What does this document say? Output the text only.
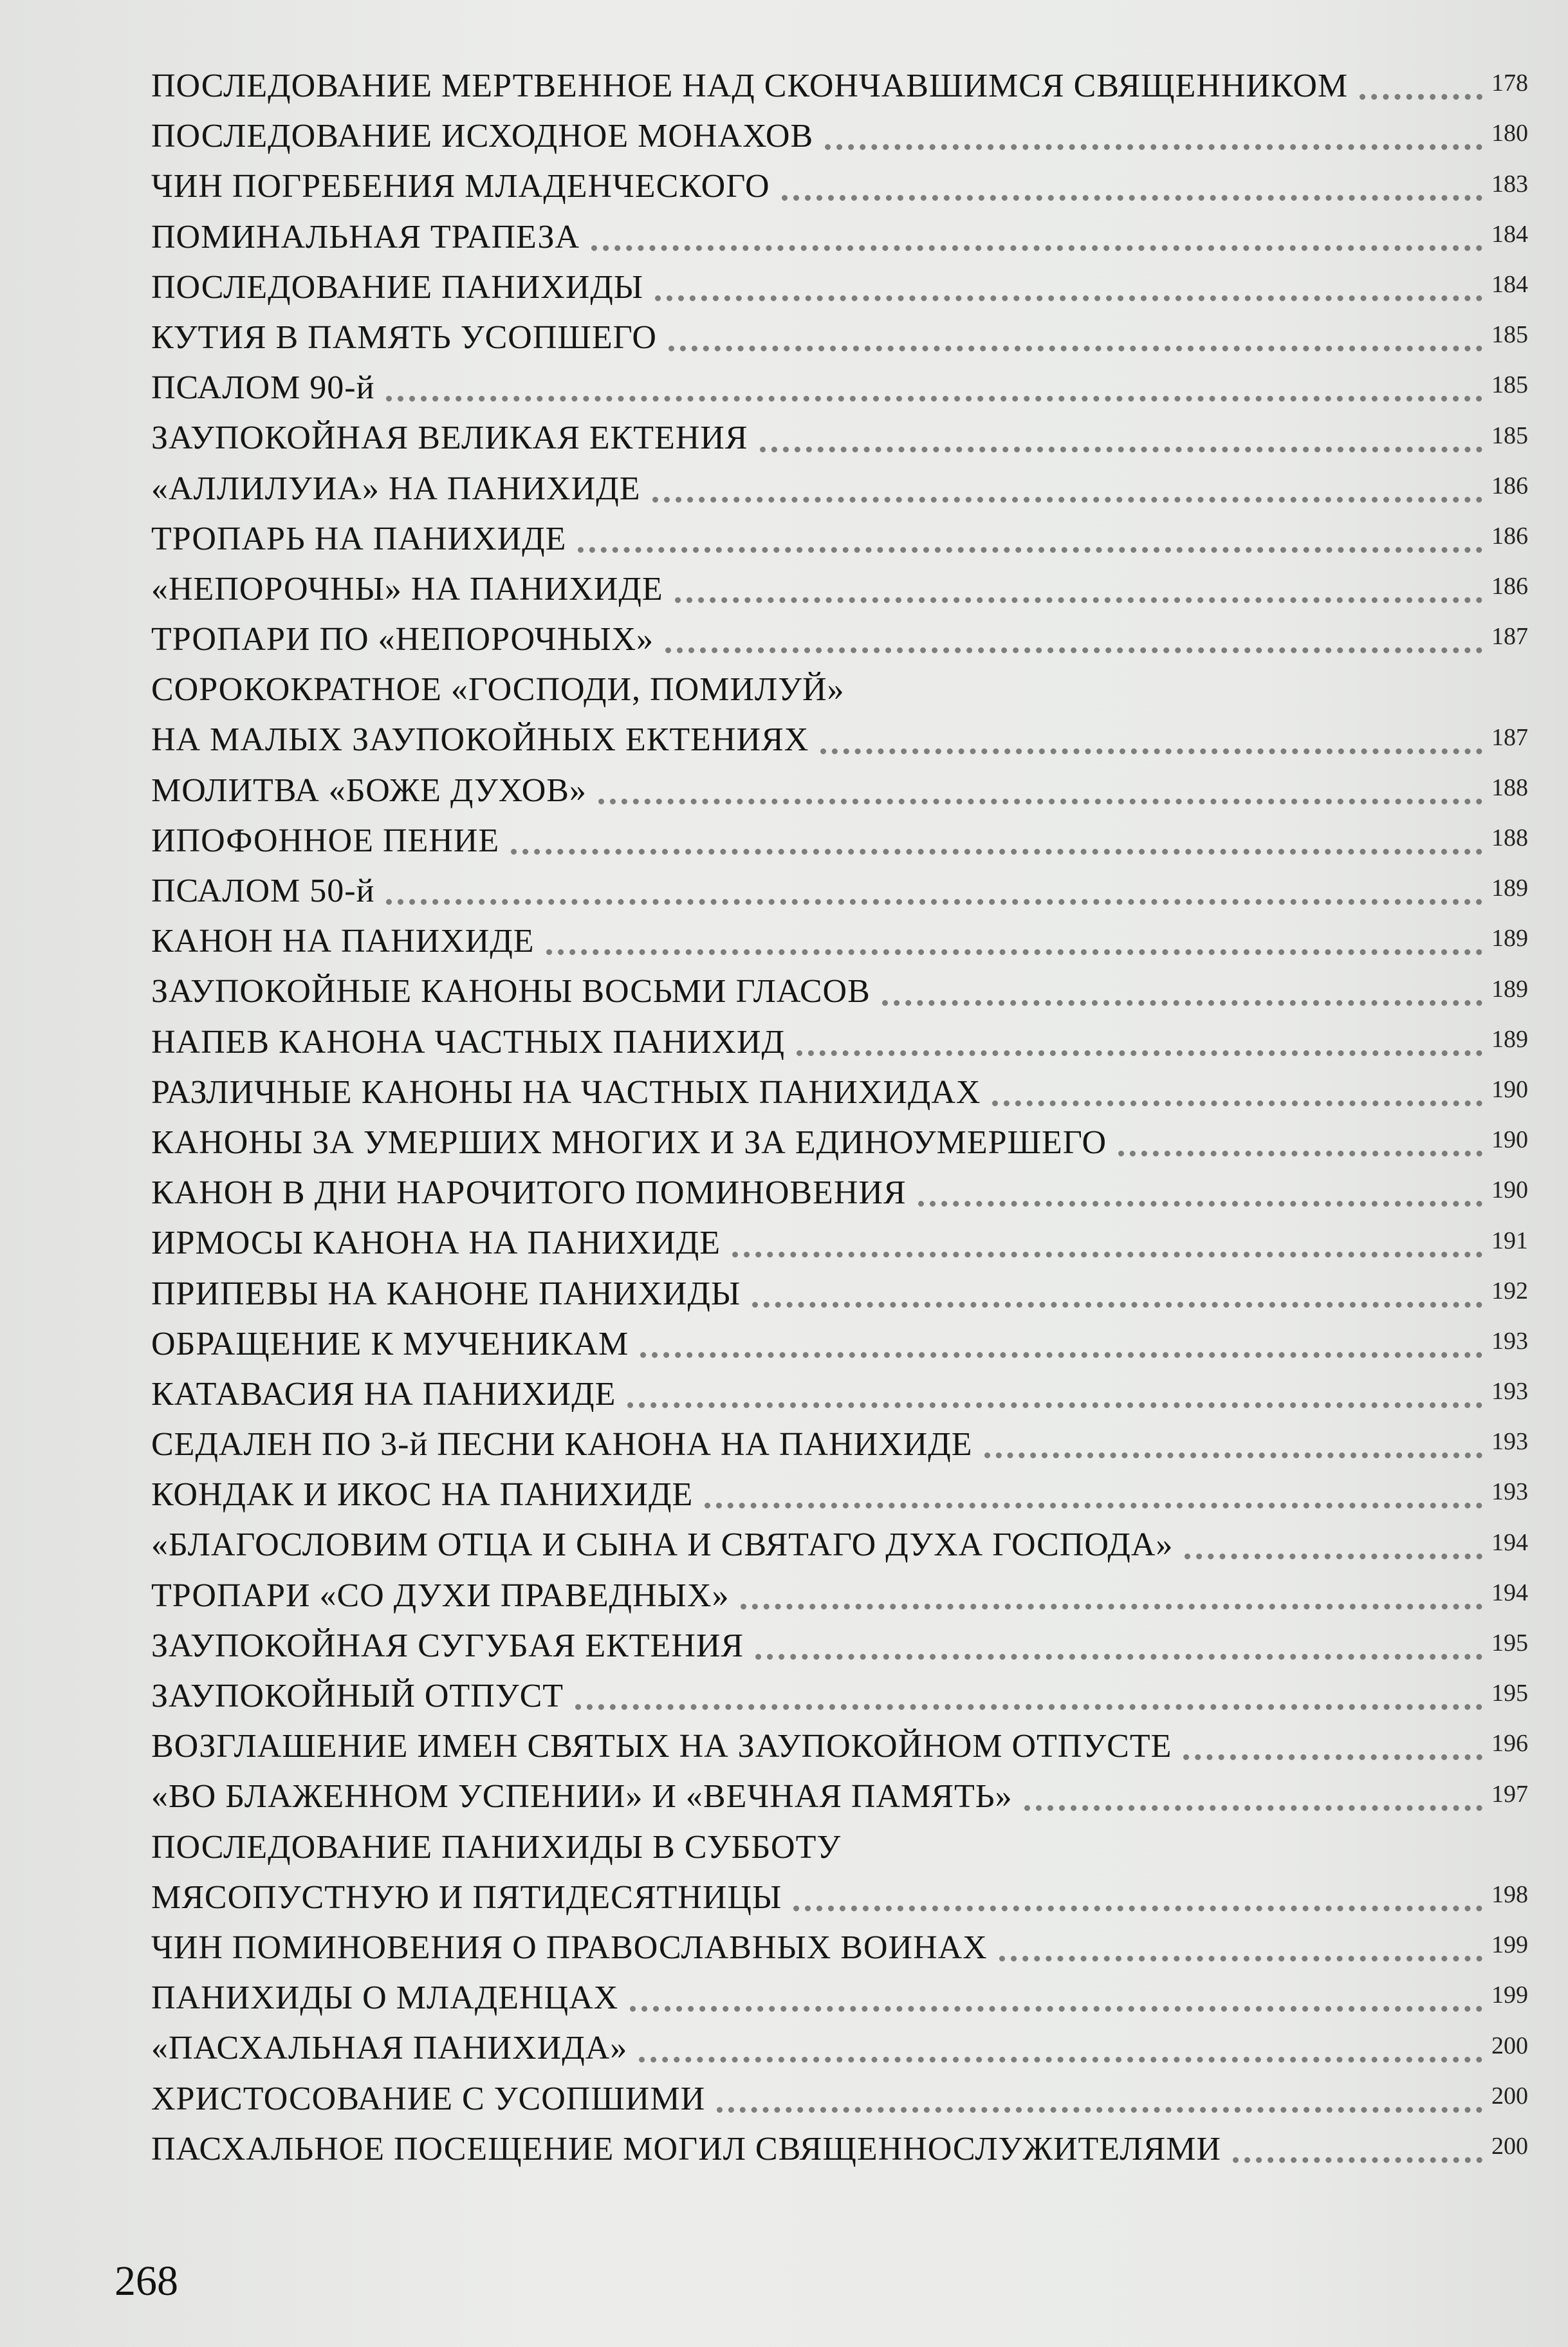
ПОСЛЕДОВАНИЕ МЕРТВЕННОЕ НАД СКОНЧАВШИМСЯ СВЯЩЕННИКОМ	178
ПОСЛЕДОВАНИЕ ИСХОДНОЕ МОНАХОВ	180
ЧИН ПОГРЕБЕНИЯ МЛАДЕНЧЕСКОГО	183
ПОМИНАЛЬНАЯ ТРАПЕЗА	184
ПОСЛЕДОВАНИЕ ПАНИХИДЫ	184
КУТИЯ В ПАМЯТЬ УСОПШЕГО	185
ПСАЛОМ 90-й	185
ЗАУПОКОЙНАЯ ВЕЛИКАЯ ЕКТЕНИЯ	185
«АЛЛИЛУИА» НА ПАНИХИДЕ	186
ТРОПАРЬ НА ПАНИХИДЕ	186
«НЕПОРОЧНЫ» НА ПАНИХИДЕ	186
ТРОПАРИ ПО «НЕПОРОЧНЫХ»	187
СОРОКОКРАТНОЕ «ГОСПОДИ, ПОМИЛУЙ»
НА МАЛЫХ ЗАУПОКОЙНЫХ ЕКТЕНИЯХ	187
МОЛИТВА «БОЖЕ ДУХОВ»	188
ИПОФОННОЕ ПЕНИЕ	188
ПСАЛОМ 50-й	189
КАНОН НА ПАНИХИДЕ	189
ЗАУПОКОЙНЫЕ КАНОНЫ ВОСЬМИ ГЛАСОВ	189
НАПЕВ КАНОНА ЧАСТНЫХ ПАНИХИД	189
РАЗЛИЧНЫЕ КАНОНЫ НА ЧАСТНЫХ ПАНИХИДАХ	190
КАНОНЫ ЗА УМЕРШИХ МНОГИХ И ЗА ЕДИНОУМЕРШЕГО	190
КАНОН В ДНИ НАРОЧИТОГО ПОМИНОВЕНИЯ	190
ИРМОСЫ КАНОНА НА ПАНИХИДЕ	191
ПРИПЕВЫ НА КАНОНЕ ПАНИХИДЫ	192
ОБРАЩЕНИЕ К МУЧЕНИКАМ	193
КАТАВАСИЯ НА ПАНИХИДЕ	193
СЕДАЛЕН ПО 3-й ПЕСНИ КАНОНА НА ПАНИХИДЕ	193
КОНДАК И ИКОС НА ПАНИХИДЕ	193
«БЛАГОСЛОВИМ ОТЦА И СЫНА И СВЯТАГО ДУХА ГОСПОДА»	194
ТРОПАРИ «СО ДУХИ ПРАВЕДНЫХ»	194
ЗАУПОКОЙНАЯ СУГУБАЯ ЕКТЕНИЯ	195
ЗАУПОКОЙНЫЙ ОТПУСТ	195
ВОЗГЛАШЕНИЕ ИМЕН СВЯТЫХ НА ЗАУПОКОЙНОМ ОТПУСТЕ	196
«ВО БЛАЖЕННОМ УСПЕНИИ» И «ВЕЧНАЯ ПАМЯТЬ»	197
ПОСЛЕДОВАНИЕ ПАНИХИДЫ В СУББОТУ
МЯСОПУСТНУЮ И ПЯТИДЕСЯТНИЦЫ	198
ЧИН ПОМИНОВЕНИЯ О ПРАВОСЛАВНЫХ ВОИНАХ	199
ПАНИХИДЫ О МЛАДЕНЦАХ	199
«ПАСХАЛЬНАЯ ПАНИХИДА»	200
ХРИСТОСОВАНИЕ С УСОПШИМИ	200
ПАСХАЛЬНОЕ ПОСЕЩЕНИЕ МОГИЛ СВЯЩЕННОСЛУЖИТЕЛЯМИ	200
268
